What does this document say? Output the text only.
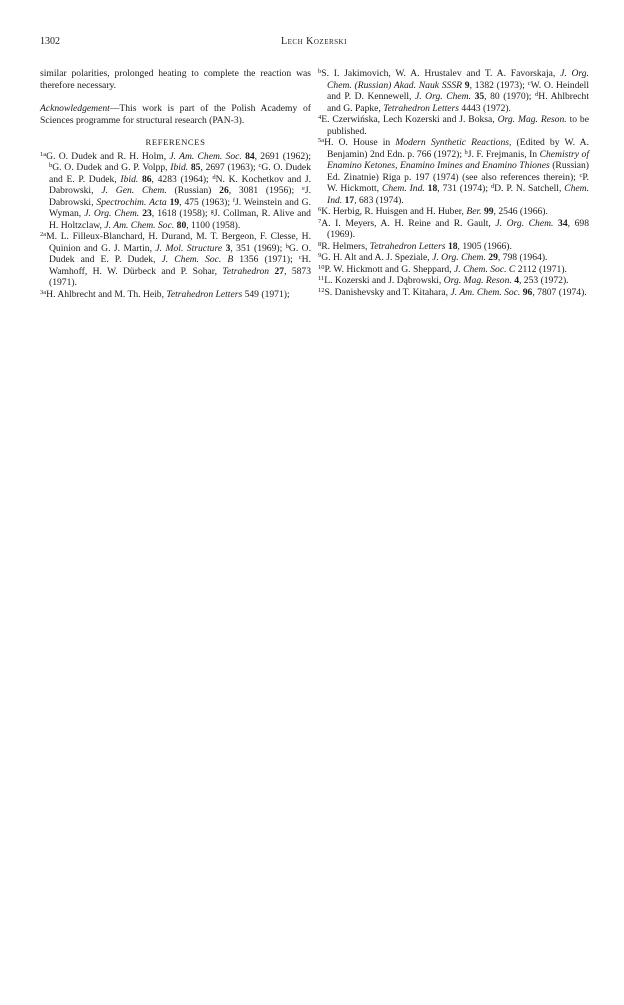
1302	Lech Kozerski

similar polarities, prolonged heating to complete the reaction was therefore necessary.

Acknowledgement—This work is part of the Polish Academy of Sciences programme for structural research (PAN-3).

REFERENCES

$^{1a}$G. O. Dudek and R. H. Holm, J. Am. Chem. Soc. 84, 2691 (1962); $^b$G. O. Dudek and G. P. Volpp, Ibid. 85, 2697 (1963); $^c$G. O. Dudek and E. P. Dudek, Ibid. 86, 4283 (1964); $^d$N. K. Kochetkov and J. Dabrowski, J. Gen. Chem. (Russian) 26, 3081 (1956); $^e$J. Dabrowski, Spectrochim. Acta 19, 475 (1963); $^f$J. Weinstein and G. Wyman, J. Org. Chem. 23, 1618 (1958); $^g$J. Collman, R. Alive and H. Holtzclaw, J. Am. Chem. Soc. 80, 1100 (1958).

$^{2a}$M. L. Filleux-Blanchard, H. Durand, M. T. Bergeon, F. Clesse, H. Quinion and G. J. Martin, J. Mol. Structure 3, 351 (1969); $^b$G. O. Dudek and E. P. Dudek, J. Chem. Soc. B 1356 (1971); $^c$H. Wamhoff, H. W. Dürbeck and P. Sohar, Tetrahedron 27, 5873 (1971).

$^{3a}$H. Ahlbrecht and M. Th. Heib, Tetrahedron Letters 549 (1971);

$^b$S. I. Jakimovich, W. A. Hrustalev and T. A. Favorskaja, J. Org. Chem. (Russian) Akad. Nauk SSSR 9, 1382 (1973); $^c$W. O. Heindell and P. D. Kennewell, J. Org. Chem. 35, 80 (1970); $^d$H. Ahlbrecht and G. Papke, Tetrahedron Letters 4443 (1972).

$^4$E. Czerwińska, Lech Kozerski and J. Boksa, Org. Mag. Reson. to be published.

$^{5a}$H. O. House in Modern Synthetic Reactions, (Edited by W. A. Benjamin) 2nd Edn. p. 766 (1972); $^b$J. F. Frejmanis, In Chemistry of Enamino Ketones, Enamino Imines and Enamino Thiones (Russian) Ed. Zinatnie) Riga p. 197 (1974) (see also references therein); $^c$P. W. Hickmott, Chem. Ind. 18, 731 (1974); $^d$D. P. N. Satchell, Chem. Ind. 17, 683 (1974).

$^6$K. Herbig, R. Huisgen and H. Huber, Ber. 99, 2546 (1966).

$^7$A. I. Meyers, A. H. Reine and R. Gault, J. Org. Chem. 34, 698 (1969).

$^8$R. Helmers, Tetrahedron Letters 18, 1905 (1966).

$^9$G. H. Alt and A. J. Speziale, J. Org. Chem. 29, 798 (1964).

$^{10}$P. W. Hickmott and G. Sheppard, J. Chem. Soc. C 2112 (1971).

$^{11}$L. Kozerski and J. Dąbrowski, Org. Mag. Reson. 4, 253 (1972).

$^{12}$S. Danishevsky and T. Kitahara, J. Am. Chem. Soc. 96, 7807 (1974).
